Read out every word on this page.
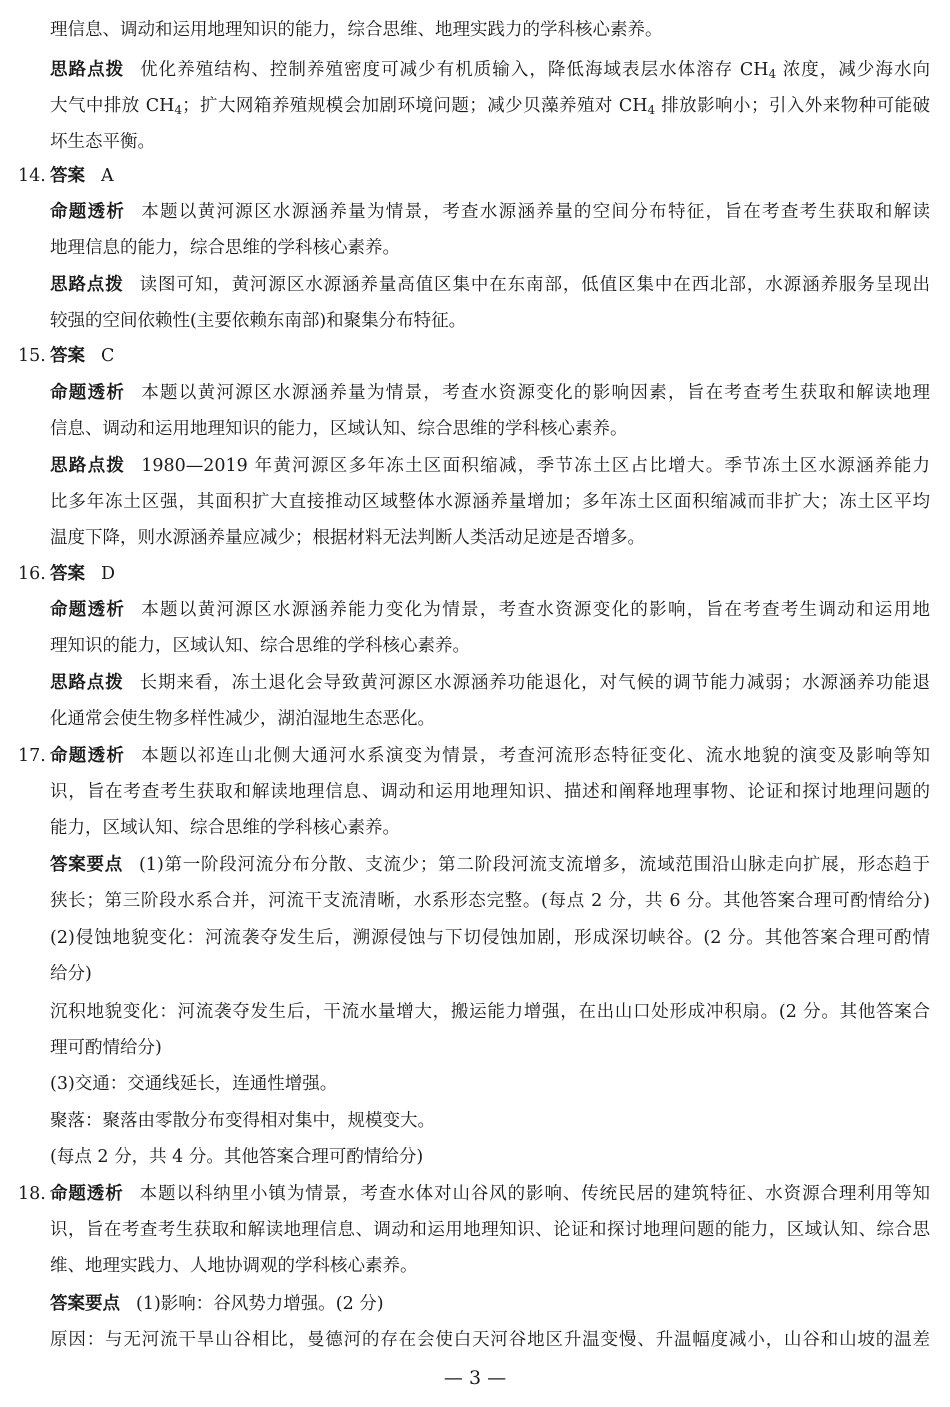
理信息、调动和运用地理知识的能力，综合思维、地理实践力的学科核心素养。
思路点拨 优化养殖结构、控制养殖密度可减少有机质输入，降低海域表层水体溶存 $CH_4$ 浓度，减少海水向
大气中排放 $CH_4$；扩大网箱养殖规模会加剧环境问题；减少贝藻养殖对 $CH_4$ 排放影响小；引入外来物种可能破
坏生态平衡。
14. 答案 A
命题透析 本题以黄河源区水源涵养量为情景，考查水源涵养量的空间分布特征，旨在考查考生获取和解读
地理信息的能力，综合思维的学科核心素养。
思路点拨 读图可知，黄河源区水源涵养量高值区集中在东南部，低值区集中在西北部，水源涵养服务呈现出
较强的空间依赖性(主要依赖东南部)和聚集分布特征。
15. 答案 C
命题透析 本题以黄河源区水源涵养量为情景，考查水资源变化的影响因素，旨在考查考生获取和解读地理
信息、调动和运用地理知识的能力，区域认知、综合思维的学科核心素养。
思路点拨 1980—2019 年黄河源区多年冻土区面积缩减，季节冻土区占比增大。季节冻土区水源涵养能力
比多年冻土区强，其面积扩大直接推动区域整体水源涵养量增加；多年冻土区面积缩减而非扩大；冻土区平均
温度下降，则水源涵养量应减少；根据材料无法判断人类活动足迹是否增多。
16. 答案 D
命题透析 本题以黄河源区水源涵养能力变化为情景，考查水资源变化的影响，旨在考查考生调动和运用地
理知识的能力，区域认知、综合思维的学科核心素养。
思路点拨 长期来看，冻土退化会导致黄河源区水源涵养功能退化，对气候的调节能力减弱；水源涵养功能退
化通常会使生物多样性减少，湖泊湿地生态恶化。
17. 命题透析 本题以祁连山北侧大通河水系演变为情景，考查河流形态特征变化、流水地貌的演变及影响等知
识，旨在考查考生获取和解读地理信息、调动和运用地理知识、描述和阐释地理事物、论证和探讨地理问题的
能力，区域认知、综合思维的学科核心素养。
答案要点 (1)第一阶段河流分布分散、支流少；第二阶段河流支流增多，流域范围沿山脉走向扩展，形态趋于
狭长；第三阶段水系合并，河流干支流清晰，水系形态完整。(每点 2 分，共 6 分。其他答案合理可酌情给分)
(2)侵蚀地貌变化：河流袭夺发生后，溯源侵蚀与下切侵蚀加剧，形成深切峡谷。(2 分。其他答案合理可酌情
给分)
沉积地貌变化：河流袭夺发生后，干流水量增大，搬运能力增强，在出山口处形成冲积扇。(2 分。其他答案合
理可酌情给分)
(3)交通：交通线延长，连通性增强。
聚落：聚落由零散分布变得相对集中，规模变大。
(每点 2 分，共 4 分。其他答案合理可酌情给分)
18. 命题透析 本题以科纳里小镇为情景，考查水体对山谷风的影响、传统民居的建筑特征、水资源合理利用等知
识，旨在考查考生获取和解读地理信息、调动和运用地理知识、论证和探讨地理问题的能力，区域认知、综合思
维、地理实践力、人地协调观的学科核心素养。
答案要点 (1)影响：谷风势力增强。(2 分)
原因：与无河流干旱山谷相比，曼德河的存在会使白天河谷地区升温变慢、升温幅度减小，山谷和山坡的温差
— 3 —
